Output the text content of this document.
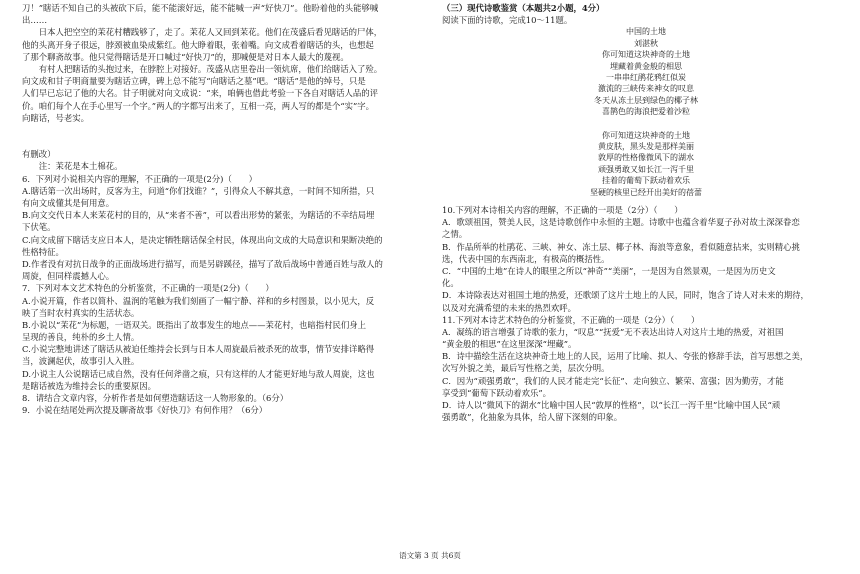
刀！”瞎话不知自己的头被砍下后，能不能滚好远，能不能喊一声“好快刀”。他盼着他的头能够喊
出……
　　日本人把空空的茉花村糟践够了，走了。茉花人又回到茉花。他们在茂盛后看见瞎话的尸体，
他的头离开身子很远，脖颈被血染成紫红。他大睁着眼，张着嘴。向文成看着瞎话的头，也想起
了那个聊斋故事。他只觉得瞎话是开口喊过“好快刀”的，那喊便是对日本人最大的蔑视。
　　有村人把瞎话的头抱过来，在脖腔上对接好。茂盛从店里卷出一领炕席，他们给瞎话入了殓。
向文成和甘子明商量要为瞎话立碑，碑上总不能写“向瞎话之墓”吧。“瞎话”是他的绰号，只是
人们早已忘记了他的大名。甘子明就对向文成说：“来，咱俩也借此考验一下各自对瞎话人品的评
价。咱们每个人在手心里写一个字。”两人的字都写出来了，互相一亮，两人写的都是个“实”字。
向瞎话，号老实。
有删改）
　　注：茉花是本土棉花。
6．下列对小说相关内容的理解，不正确的一项是(2分)（　　）
A.瞎话第一次出场时，反客为主，问道“你们找谁？”，引得众人不解其意，一时间不知所措，只
有向文成懂其是何用意。
B.向文交代日本人来茉花村的目的，从“来者不善”，可以看出形势的紧张，为瞎话的不幸结局埋
下伏笔。
C.向文成留下瞎话支应日本人，是决定牺牲瞎话保全村民，体现出向文成的大局意识和果断决绝的
性格特征。
D.作者没有对抗日战争的正面战场进行描写，而是另辟蹊径，描写了敌后战场中普通百姓与敌人的
周旋，但同样震撼人心。
7．下列对本文艺术特色的分析鉴赏，不正确的一项是(2分)（　　）
A.小说开篇，作者以简朴、温润的笔触为我们刻画了一幅宁静、祥和的乡村图景，以小见大，反
映了当时农村真实的生活状态。
B.小说以“茉花”为标题，一语双关。既指出了故事发生的地点——茉花村，也暗指村民们身上
呈现的善良，纯朴的乡土人情。
C.小说完整地讲述了瞎话从被迫任维持会长到与日本人周旋最后被杀死的故事，情节安排详略得
当，波澜起伏，故事引人入胜。
D.小说主人公说瞎话已成自然，没有任何斧凿之痕，只有这样的人才能更好地与敌人周旋，这也
是瞎话被选为维持会长的重要原因。
8．请结合文章内容，分析作者是如何塑造瞎话这一人物形象的。（6分）
9．小说在结尾处两次提及聊斋故事《好快刀》有何作用？（6分）
（三）现代诗歌鉴赏（本题共2小题，4分）
阅读下面的诗歌，完成10～11题。
中国的土地
刘湛秋
你可知道这块神奇的土地
埋藏着黄金般的相思
一串串红鹃花鸦红似炭
激流的三峡传来神女的叹息
冬天从冻土层到绿色的椰子林
喜鹊色的海浪把爱着沙粒
你可知道这块神奇的土地
黄皮肤，黑头发是那样美丽
敦厚的性格像微风下的湖水
顽强勇敢又如长江一泻千里
挂着的葡萄下跃动着欢乐
坚硬的核里已经开出美好的蓓蕾
10.下列对本诗相关内容的理解，不正确的一项是（2分）（　　）
A．歌颂祖国，赞美人民，这是诗歌创作中永恒的主题。诗歌中也蕴含着华夏子孙对故土深深眷恋
之情。
B．作品所举的杜鹃花、三峡、神女、冻土层、椰子林、海浪等意象，看似随意拈来，实则精心挑
选，代表中国的东西南北，有极高的概括性。
C．“中国的土地”在诗人的眼里之所以“神奇”“美丽”，一是因为自然景观，一是因为历史文
化。
D．本诗除表达对祖国土地的热爱，还歌颂了这片土地上的人民，同时，饱含了诗人对未来的期待，
以及对充满希望的未来的热烈欢呼。
11.下列对本诗艺术特色的分析鉴赏，不正确的一项是（2分）（　　）
A．凝练的语言增强了诗歌的张力，“叹息”“抚爱”无不表达出诗人对这片土地的热爱，对祖国
“黄金般的相思”在这里深深“埋藏”。
B．诗中描绘生活在这块神奇土地上的人民，运用了比喻、拟人、夸张的修辞手法，首写思想之美，
次写外貌之美，最后写性格之美，层次分明。
C．因为“顽强勇敢”，我们的人民才能走完“长征”、走向独立、繁荣、富强；因为勤劳，才能
享受到“葡萄下跃动着欢乐”。
D．诗人以“微风下的湖水”比喻中国人民“敦厚的性格”，以“长江一泻千里”比喻中国人民“顽
强勇敢”，化抽象为具体，给人留下深刻的印象。
语文第 3 页 共6页
